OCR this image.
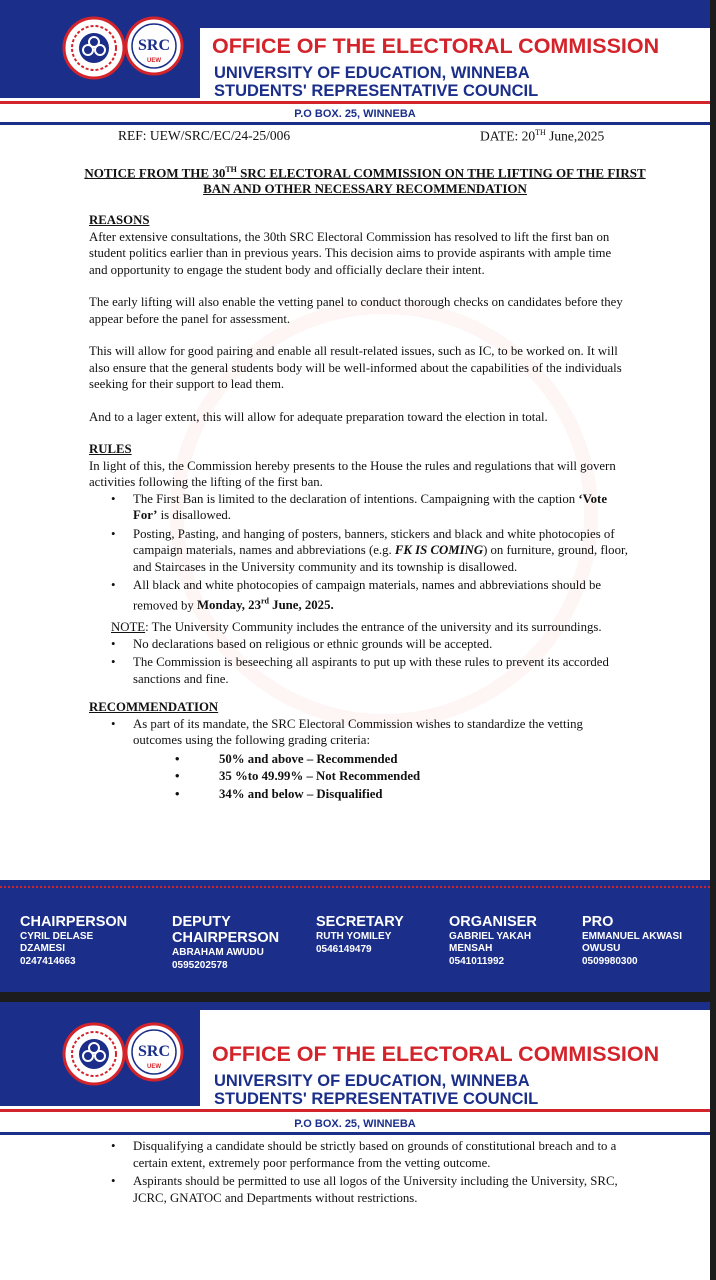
SRC
UEW
OFFICE OF THE ELECTORAL COMMISSION
UNIVERSITY OF EDUCATION, WINNEBA
STUDENTS' REPRESENTATIVE COUNCIL
P.O BOX. 25, WINNEBA
REF: UEW/SRC/EC/24-25/006	DATE: 20TH June,2025
NOTICE FROM THE 30TH SRC ELECTORAL COMMISSION ON THE LIFTING OF THE FIRST BAN AND OTHER NECESSARY RECOMMENDATION
REASONS

After extensive consultations, the 30th SRC Electoral Commission has resolved to lift the first ban on student politics earlier than in previous years. This decision aims to provide aspirants with ample time and opportunity to engage the student body and officially declare their intent.

The early lifting will also enable the vetting panel to conduct thorough checks on candidates before they appear before the panel for assessment.

This will allow for good pairing and enable all result-related issues, such as IC, to be worked on. It will also ensure that the general students body will be well-informed about the capabilities of the individuals seeking for their support to lead them.

And to a lager extent, this will allow for adequate preparation toward the election in total.

RULES

In light of this, the Commission hereby presents to the House the rules and regulations that will govern activities following the lifting of the first ban.

• The First Ban is limited to the declaration of intentions. Campaigning with the caption ‘Vote For’ is disallowed.
• Posting, Pasting, and hanging of posters, banners, stickers and black and white photocopies of campaign materials, names and abbreviations (e.g. FK IS COMING) on furniture, ground, floor, and Staircases in the University community and its township is disallowed.
• All black and white photocopies of campaign materials, names and abbreviations should be removed by Monday, 23rd June, 2025.

NOTE: The University Community includes the entrance of the university and its surroundings.

• No declarations based on religious or ethnic grounds will be accepted.
• The Commission is beseeching all aspirants to put up with these rules to prevent its accorded sanctions and fine.
RECOMMENDATION
• As part of its mandate, the SRC Electoral Commission wishes to standardize the vetting outcomes using the following grading criteria:
• 50% and above – Recommended
• 35 %to 49.99% – Not Recommended
• 34% and below – Disqualified
CHAIRPERSON
CYRIL DELASE DZAMESI
0247414663
DEPUTY CHAIRPERSON
ABRAHAM AWUDU
0595202578
SECRETARY
RUTH YOMILEY
0546149479
ORGANISER
GABRIEL YAKAH MENSAH
0541011992
PRO
EMMANUEL AKWASI OWUSU
0509980300
SRC
UEW
OFFICE OF THE ELECTORAL COMMISSION
UNIVERSITY OF EDUCATION, WINNEBA
STUDENTS' REPRESENTATIVE COUNCIL
P.O BOX. 25, WINNEBA
• Disqualifying a candidate should be strictly based on grounds of constitutional breach and to a certain extent, extremely poor performance from the vetting outcome.
• Aspirants should be permitted to use all logos of the University including the University, SRC, JCRC, GNATOC and Departments without restrictions.
